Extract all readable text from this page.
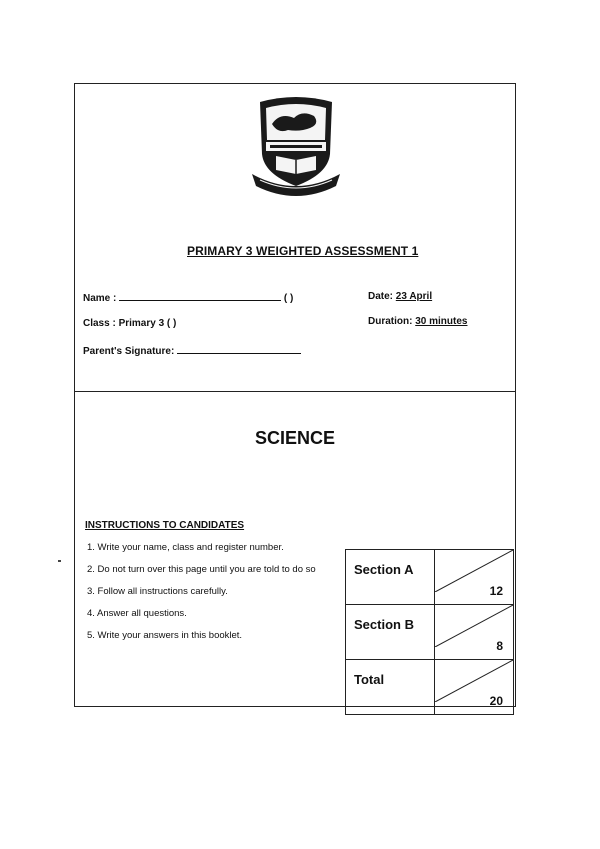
PRIMARY 3 WEIGHTED ASSESSMENT 1
Name :	( )	Date: 23 April
Class : Primary 3 ( )	Duration: 30 minutes
Parent's Signature:
SCIENCE
INSTRUCTIONS TO CANDIDATES
1. Write your name, class and register number.
2. Do not turn over this page until you are told to do so
3. Follow all instructions carefully.
4. Answer all questions.
5. Write your answers in this booklet.
Section A	12

Section B	8

Total	20
